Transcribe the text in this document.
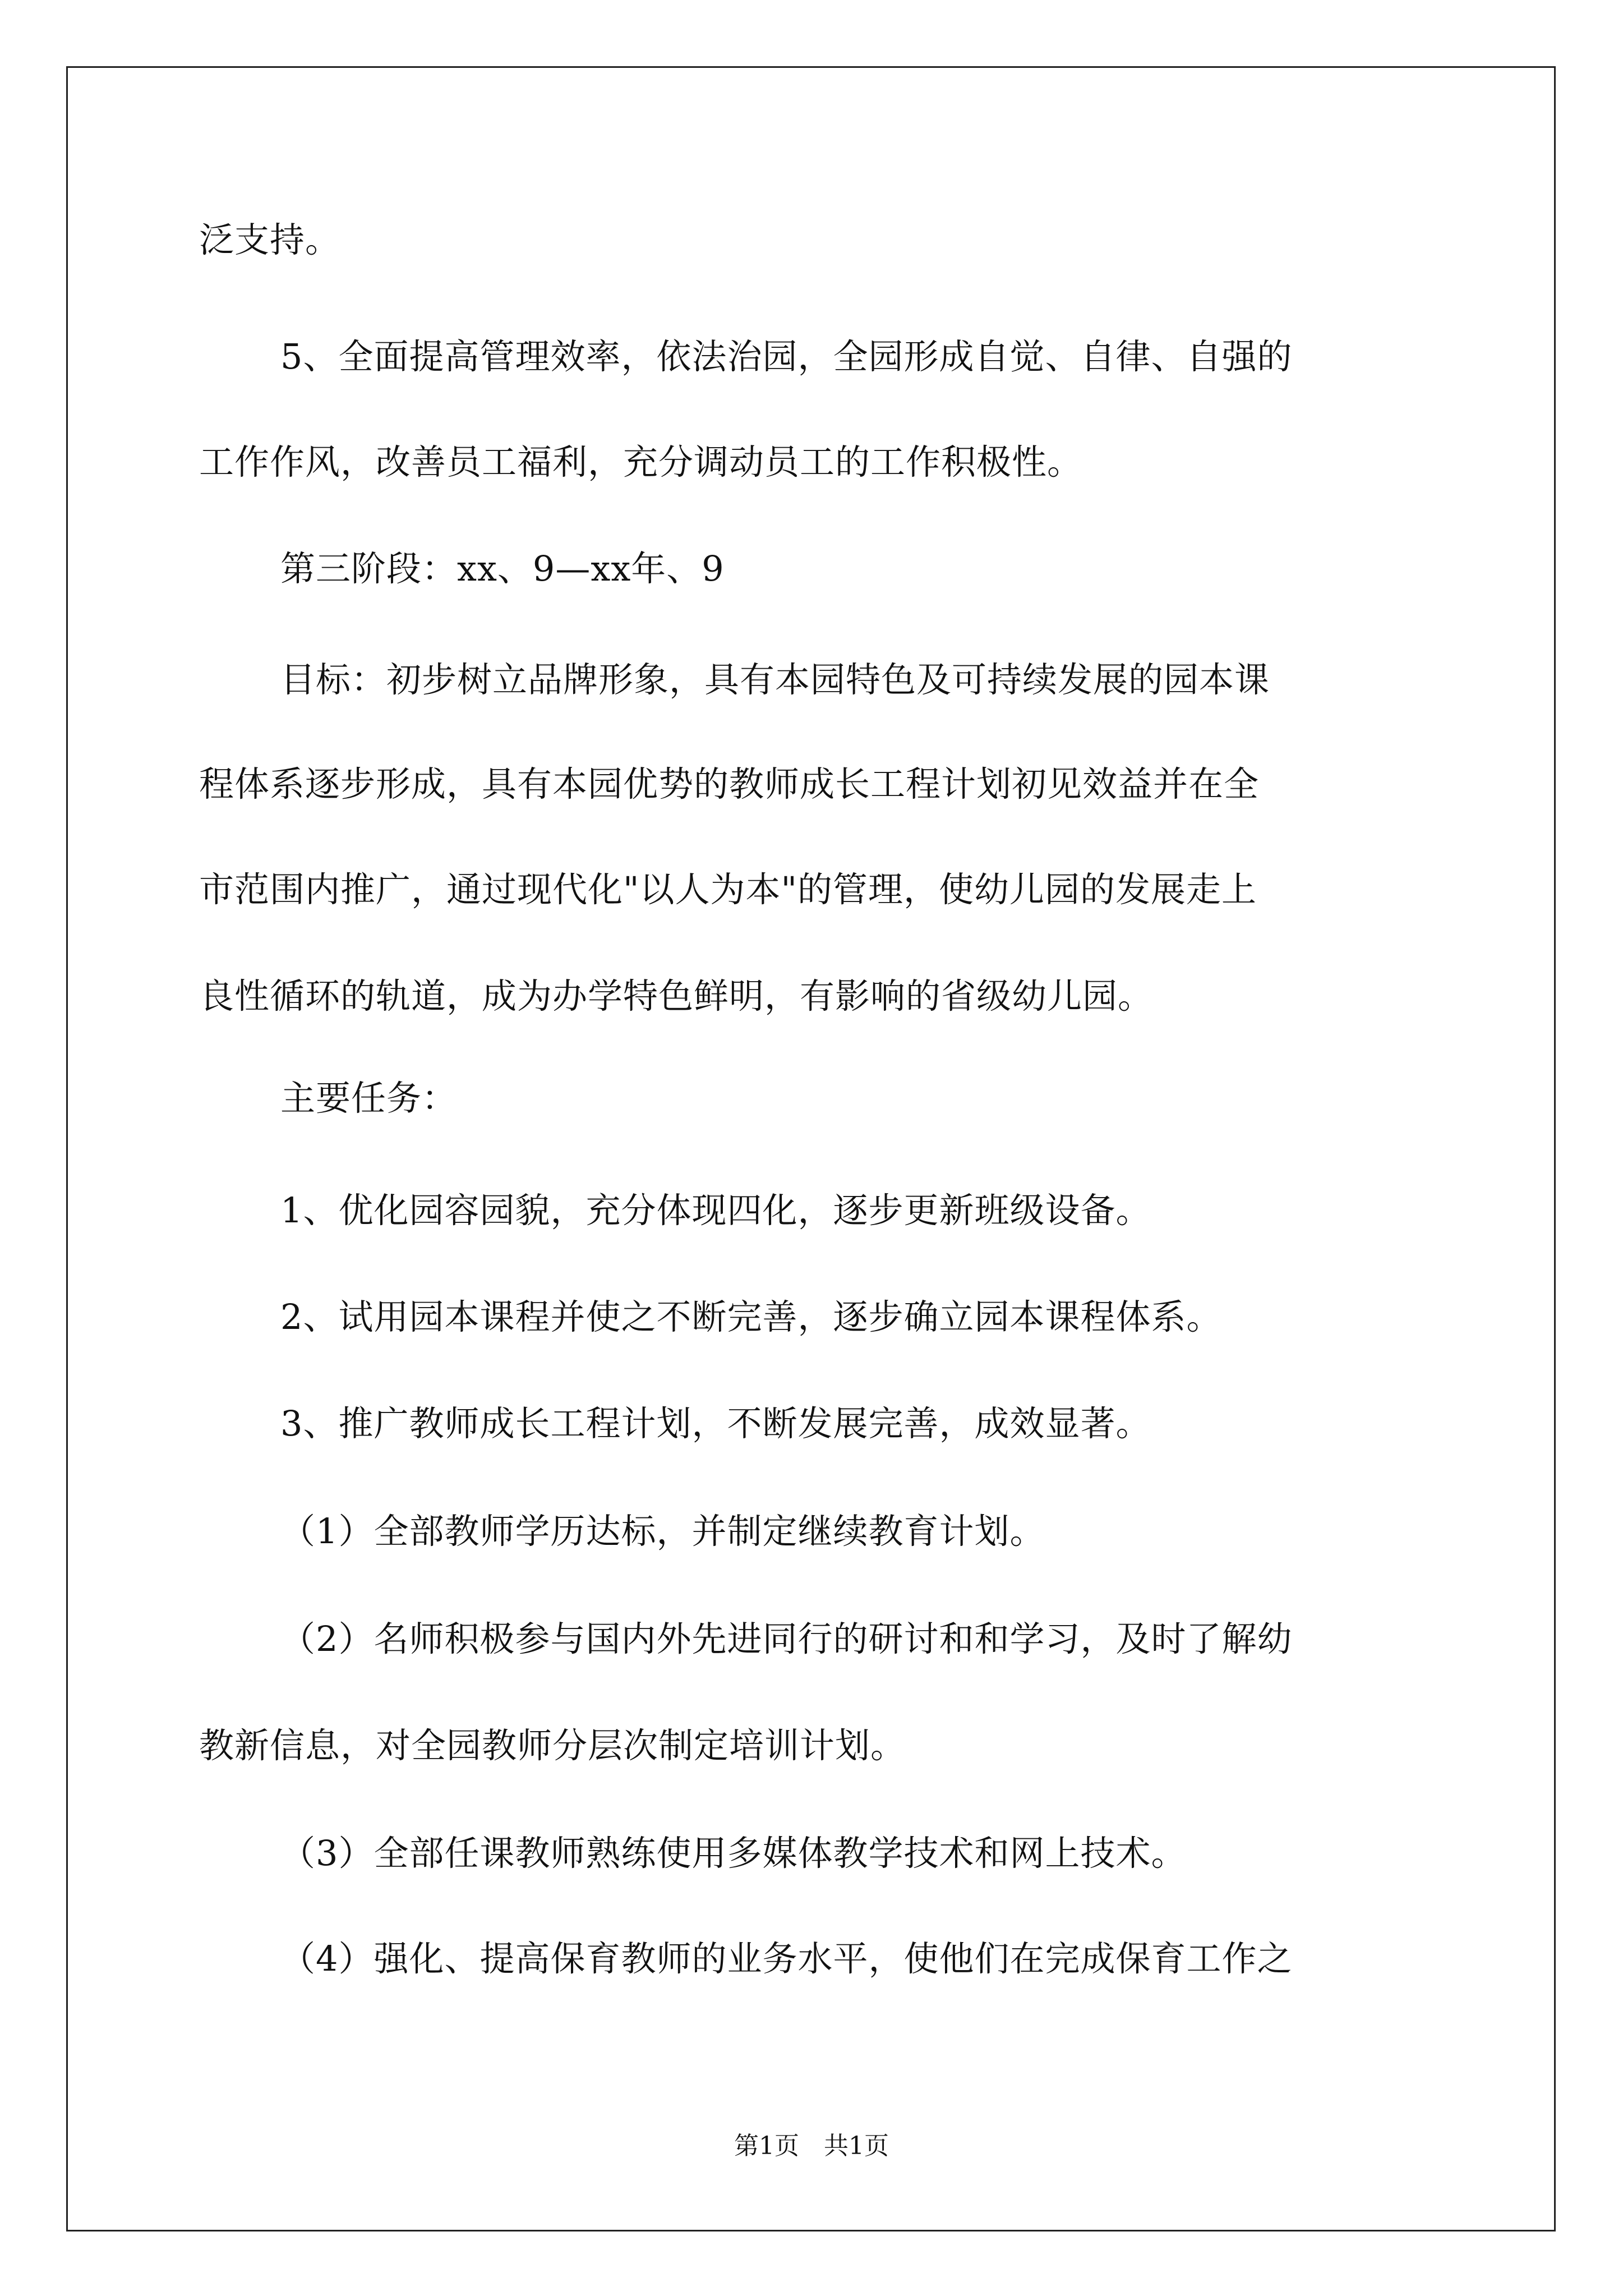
泛支持。
5、全面提高管理效率，依法治园，全园形成自觉、自律、自强的
工作作风，改善员工福利，充分调动员工的工作积极性。
第三阶段：xx、9—xx年、9
目标：初步树立品牌形象，具有本园特色及可持续发展的园本课
程体系逐步形成，具有本园优势的教师成长工程计划初见效益并在全
市范围内推广，通过现代化"以人为本"的管理，使幼儿园的发展走上
良性循环的轨道，成为办学特色鲜明，有影响的省级幼儿园。
主要任务：
1、优化园容园貌，充分体现四化，逐步更新班级设备。
2、试用园本课程并使之不断完善，逐步确立园本课程体系。
3、推广教师成长工程计划，不断发展完善，成效显著。
（1）全部教师学历达标，并制定继续教育计划。
（2）名师积极参与国内外先进同行的研讨和和学习，及时了解幼
教新信息，对全园教师分层次制定培训计划。
（3）全部任课教师熟练使用多媒体教学技术和网上技术。
（4）强化、提高保育教师的业务水平，使他们在完成保育工作之
第1页　共1页
